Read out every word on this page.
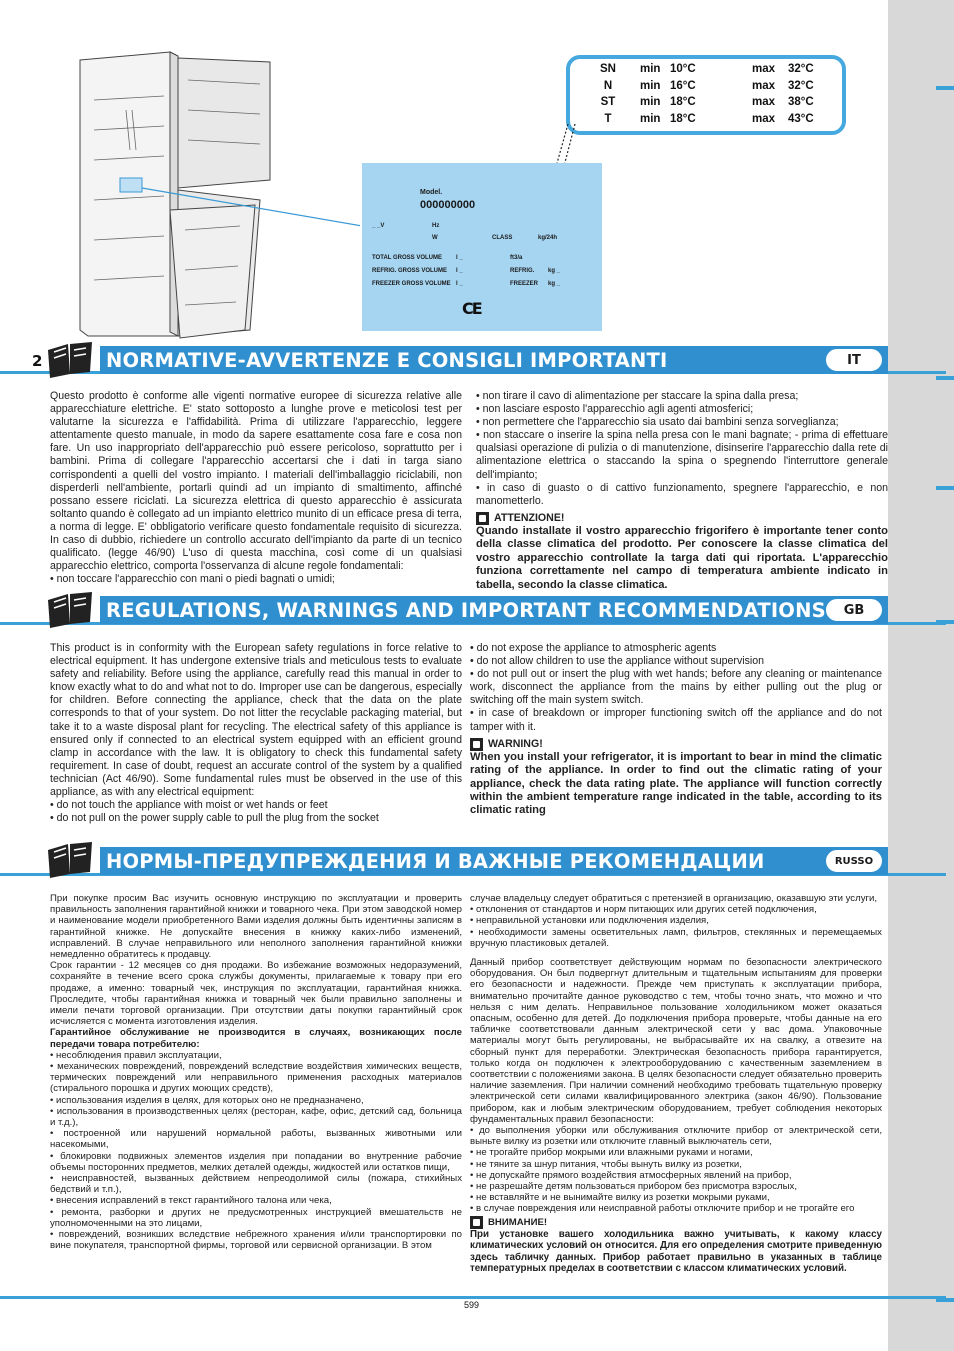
SN	min	10°C	max	32°C
N	min	16°C	max	32°C
ST	min	18°C	max	38°C
T	min	18°C	max	43°C
Model.
000000000
_ _V	Hz
W	CLASS	kg/24h
TOTAL GROSS VOLUME
REFRIG. GROSS VOLUME
FREEZER GROSS VOLUME
l _
l _
l _
ft3/a
REFRIG.
FREEZER
kg _
kg _
CE
2	NORMATIVE-AVVERTENZE E CONSIGLI IMPORTANTI	IT

Questo prodotto è conforme alle vigenti normative europee di sicurezza relative alle apparecchiature elettriche. E' stato sottoposto a lunghe prove e meticolosi test per valutarne la sicurezza e l'affidabilità. Prima di utilizzare l'apparecchio, leggere attentamente questo manuale, in modo da sapere esattamente cosa fare e cosa non fare. Un uso inappropriato dell'apparecchio può essere pericoloso, soprattutto per i bambini. Prima di collegare l'apparecchio accertarsi che i dati in targa siano corrispondenti a quelli del vostro impianto. I materiali dell'imballaggio riciclabili, non disperderli nell'ambiente, portarli quindi ad un impianto di smaltimento, affinché possano essere riciclati. La sicurezza elettrica di questo apparecchio è assicurata soltanto quando è collegato ad un impianto elettrico munito di un efficace presa di terra, a norma di legge. E' obbligatorio verificare questo fondamentale requisito di sicurezza. In caso di dubbio, richiedere un controllo accurato dell'impianto da parte di un tecnico qualificato. (legge 46/90) L'uso di questa macchina, così come di un qualsiasi apparecchio elettrico, comporta l'osservanza di alcune regole fondamentali:

• non toccare l'apparecchio con mani o piedi bagnati o umidi;

• non tirare il cavo di alimentazione per staccare la spina dalla presa;

• non lasciare esposto l'apparecchio agli agenti atmosferici;

• non permettere che l'apparecchio sia usato dai bambini senza sorveglianza;

• non staccare o inserire la spina nella presa con le mani bagnate; - prima di effettuare qualsiasi operazione di pulizia o di manutenzione, disinserire l'apparecchio dalla rete di alimentazione elettrica o staccando la spina o spegnendo l'interruttore generale dell'impianto;

• in caso di guasto o di cattivo funzionamento, spegnere l'apparecchio, e non manometterlo.

ATTENZIONE!

Quando installate il vostro apparecchio frigorifero è importante tener conto della classe climatica del prodotto. Per conoscere la classe climatica del vostro apparecchio controllate la targa dati qui riportata. L'apparecchio funziona correttamente nel campo di temperatura ambiente indicato in tabella, secondo la classe climatica.

REGULATIONS, WARNINGS AND IMPORTANT RECOMMENDATIONS	GB

This product is in conformity with the European safety regulations in force relative to electrical equipment. It has undergone extensive trials and meticulous tests to evaluate safety and reliability. Before using the appliance, carefully read this manual in order to know exactly what to do and what not to do. Improper use can be dangerous, especially for children. Before connecting the appliance, check that the data on the plate corresponds to that of your system. Do not litter the recyclable packaging material, but take it to a waste disposal plant for recycling. The electrical safety of this appliance is ensured only if connected to an electrical system equipped with an efficient ground clamp in accordance with the law. It is obligatory to check this fundamental safety requirement. In case of doubt, request an accurate control of the system by a qualified technician (Act 46/90). Some fundamental rules must be observed in the use of this appliance, as with any electrical equipment:

• do not touch the appliance with moist or wet hands or feet

• do not pull on the power supply cable to pull the plug from the socket

• do not expose the appliance to atmospheric agents

• do not allow children to use the appliance without supervision

• do not pull out or insert the plug with wet hands; before any cleaning or maintenance work, disconnect the appliance from the mains by either pulling out the plug or switching off the main system switch.

• in case of breakdown or improper functioning switch off the appliance and do not tamper with it.

WARNING!

When you install your refrigerator, it is important to bear in mind the climatic rating of the appliance. In order to find out the climatic rating of your appliance, check the data rating plate. The appliance will function correctly within the ambient temperature range indicated in the table, according to its climatic rating

НОРМЫ-ПРЕДУПРЕЖДЕНИЯ И ВАЖНЫЕ РЕКОМЕНДАЦИИ	RUSSO

При покупке просим Вас изучить основную инструкцию по эксплуатации и проверить правильность заполнения гарантийной книжки и товарного чека. При этом заводской номер и наименование модели приобретенного Вами изделия должны быть идентичны записям в гарантийной книжке. Не допускайте внесения в книжку каких-либо изменений, исправлений. В случае неправильного или неполного заполнения гарантийной книжки немедленно обратитесь к продавцу.

Срок гарантии - 12 месяцев со дня продажи. Во избежание возможных недоразумений, сохраняйте в течение всего срока службы документы, прилагаемые к товару при его продаже, а именно: товарный чек, инструкция по эксплуатации, гарантийная книжка. Проследите, чтобы гарантийная книжка и товарный чек были правильно заполнены и имели печати торговой организации. При отсутствии даты покупки гарантийный срок исчисляется с момента изготовления изделия.

Гарантийное обслуживание не производится в случаях, возникающих после передачи товара потребителю:

• несоблюдения правил эксплуатации,

• механических повреждений, повреждений вследствие воздействия химических веществ, термических повреждений или неправильного применения расходных материалов (стирального порошка и других моющих средств),

• использования изделия в целях, для которых оно не предназначено,

• использования в производственных целях (ресторан, кафе, офис, детский сад, больница и т.д.),

• построенной или нарушений нормальной работы, вызванных животными или насекомыми,

• блокировки подвижных элементов изделия при попадании во внутренние рабочие объемы посторонних предметов, мелких деталей одежды, жидкостей или остатков пищи,

• неисправностей, вызванных действием непреодолимой силы (пожара, стихийных бедствий и т.п.),

• внесения исправлений в текст гарантийного талона или чека,

• ремонта, разборки и других не предусмотренных инструкцией вмешательств не уполномоченными на это лицами,

• повреждений, возникших вследствие небрежного хранения и/или транспортировки по вине покупателя, транспортной фирмы, торговой или сервисной организации. В этом

случае владельцу следует обратиться с претензией в организацию, оказавшую эти услуги,

• отклонения от стандартов и норм питающих или других сетей подключения,

• неправильной установки или подключения изделия,

• необходимости замены осветительных ламп, фильтров, стеклянных и перемещаемых вручную пластиковых деталей.

Данный прибор соответствует действующим нормам по безопасности электрического оборудования. Он был подвергнут длительным и тщательным испытаниям для проверки его безопасности и надежности. Прежде чем приступать к эксплуатации прибора, внимательно прочитайте данное руководство с тем, чтобы точно знать, что можно и что нельзя с ним делать. Неправильное пользование холодильником может оказаться опасным, особенно для детей. До подключения прибора проверьте, чтобы данные на его табличке соответствовали данным электрической сети у вас дома. Упаковочные материалы могут быть регулированы, не выбрасывайте их на свалку, а отвезите на сборный пункт для переработки. Электрическая безопасность прибора гарантируется, только когда он подключен к электрооборудованию с качественным заземлением в соответствии с положениями закона. В целях безопасности следует обязательно проверить наличие заземления. При наличии сомнений необходимо требовать тщательную проверку электрической сети силами квалифицированного электрика (закон 46/90). Пользование прибором, как и любым электрическим оборудованием, требует соблюдения некоторых фундаментальных правил безопасности:

• до выполнения уборки или обслуживания отключите прибор от электрической сети, выньте вилку из розетки или отключите главный выключатель сети,

• не трогайте прибор мокрыми или влажными руками и ногами,

• не тяните за шнур питания, чтобы вынуть вилку из розетки,

• не допускайте прямого воздействия атмосферных явлений на прибор,

• не разрешайте детям пользоваться прибором без присмотра взрослых,

• не вставляйте и не вынимайте вилку из розетки мокрыми руками,

• в случае повреждения или неисправной работы отключите прибор и не трогайте его

ВНИМАНИЕ!

При установке вашего холодильника важно учитывать, к какому классу климатических условий он относится. Для его определения смотрите приведенную здесь табличку данных. Прибор работает правильно в указанных в таблице температурных пределах в соответствии с классом климатических условий.

599
